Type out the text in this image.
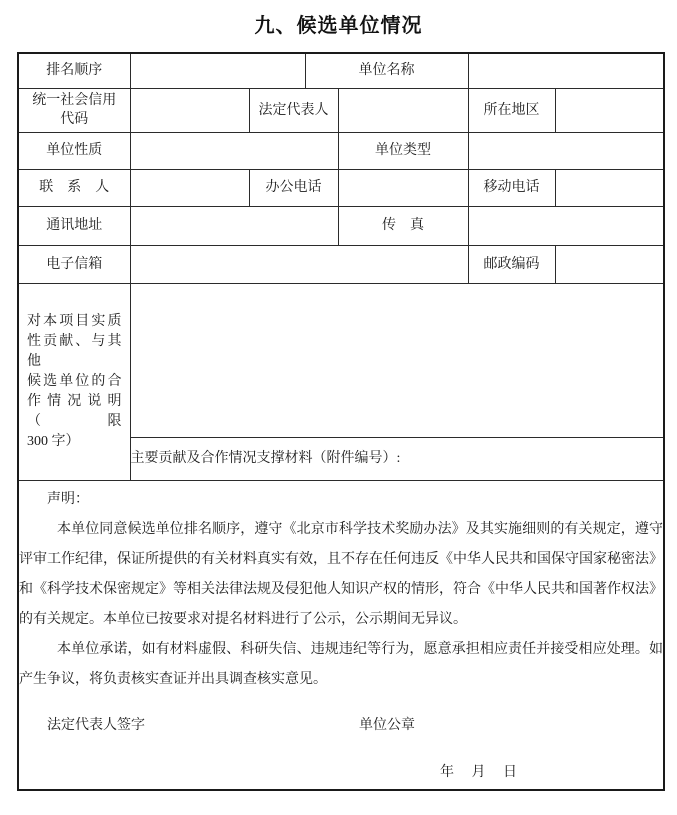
九、候选单位情况
排名顺序			单位名称			

统一社会信用
代码		法定代表人			所在地区	
单位性质				单位类型		
联　系　人		办公电话			移动电话	
通讯地址				传　真		
电子信箱					邮政编码	

对本项目实质
性贡献、与其他
候选单位的合
作情况说明（限
300 字）						

	主要贡献及合作情况支撑材料（附件编号）:					

声明：

本单位同意候选单位排名顺序，遵守《北京市科学技术奖励办法》及其实施细则的有关规定，遵守评审工作纪律，保证所提供的有关材料真实有效，且不存在任何违反《中华人民共和国保守国家秘密法》和《科学技术保密规定》等相关法律法规及侵犯他人知识产权的情形，符合《中华人民共和国著作权法》的有关规定。本单位已按要求对提名材料进行了公示，公示期间无异议。

本单位承诺，如有材料虚假、科研失信、违规违纪等行为，愿意承担相应责任并接受相应处理。如产生争议，将负责核实查证并出具调查核实意见。

法定代表人签字	单位公章
年　 月　 日
